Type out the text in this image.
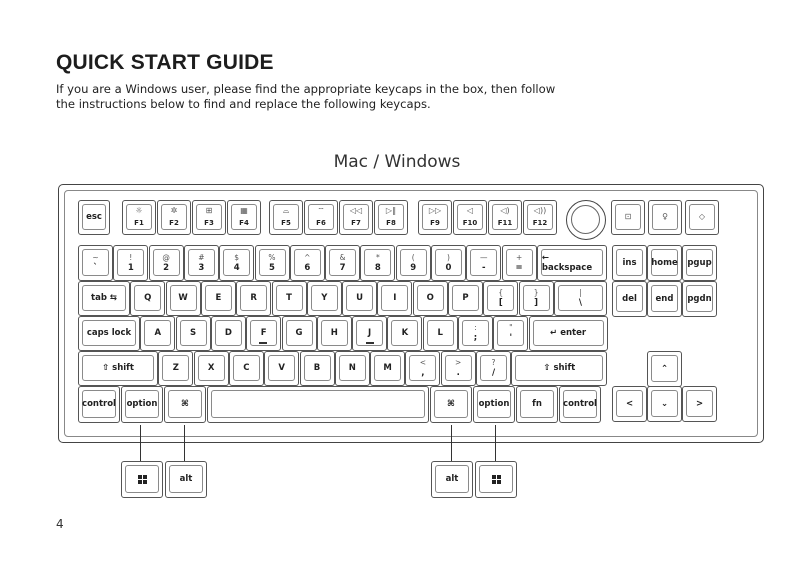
QUICK START GUIDE

If you are a Windows user, please find the appropriate keycaps in the box, then follow
the instructions below to find and replace the following keycaps.

Mac / Windows
esc
☼
F1
✲
F2
⊞
F3
▦
F4
⌓
F5
⌔
F6
◁◁
F7
▷‖
F8
▷▷
F9
◁
F10
◁)
F11
◁))
F12
⊡	♀	◇
~
`
!
1
@
2
#
3
$
4
%
5
^
6
&
7
*
8
(
9
)
0
—
-
+
=
← backspace
tab ⇆	Q	W	E	R	T	Y	U	I	O	P
{
[
}
]
|
\
caps lock	A	S	D	F	G	H	J	K	L
:
;
"
'	↵ enter
⇧ shift	Z	X	C	V	B	N	M
<
,
>
.
?
/	⇧ shift
control option	⌘	⌘	option	fn control
ins home pgup
del end pgdn
⌃
<	⌄	>
alt	alt
4
